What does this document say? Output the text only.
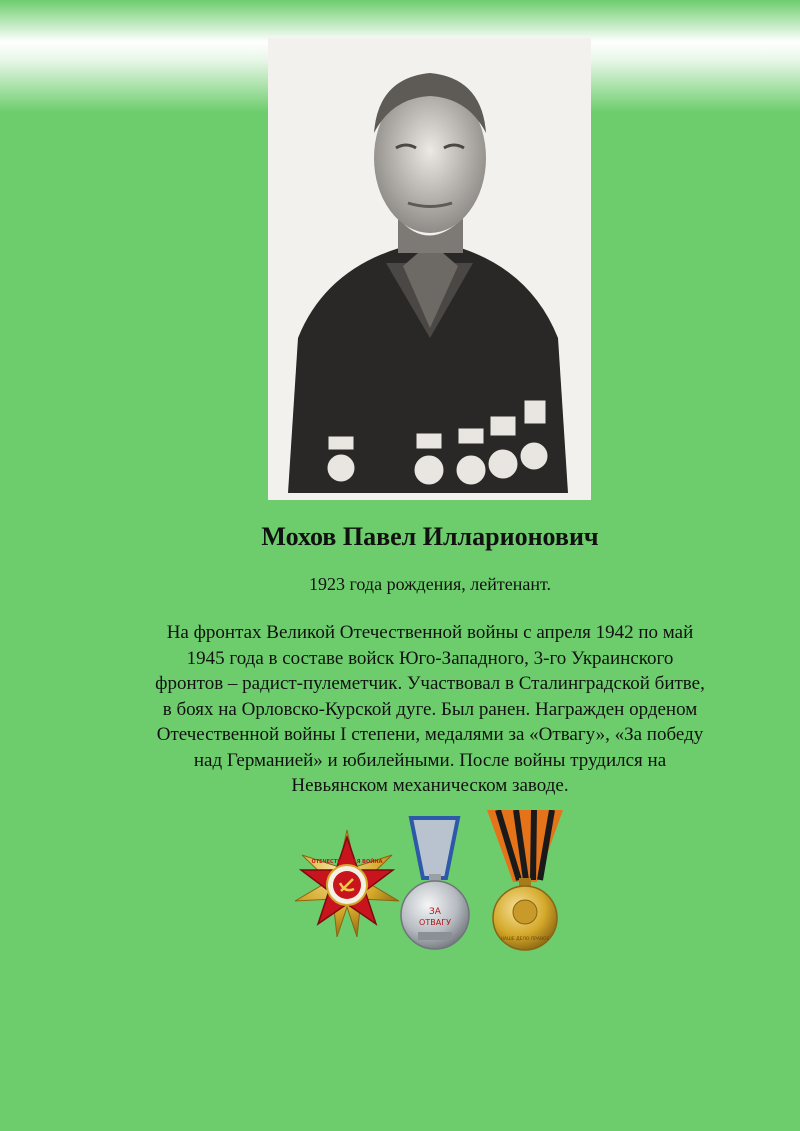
Мохов Павел Илларионович
1923 года рождения, лейтенант.
На фронтах Великой Отечественной войны с апреля 1942 по май
1945 года в составе войск Юго-Западного, 3-го Украинского
фронтов – радист-пулеметчик. Участвовал в Сталинградской битве,
в боях на Орловско-Курской дуге. Был ранен. Награжден орденом
Отечественной войны I степени, медалями за «Отвагу», «За победу
над Германией» и юбилейными. После войны трудился на
Невьянском механическом заводе.
ОТЕЧЕСТВЕННАЯ ВОЙНА
ЗА
ОТВАГУ
НАШЕ ДЕЛО ПРАВОЕ
